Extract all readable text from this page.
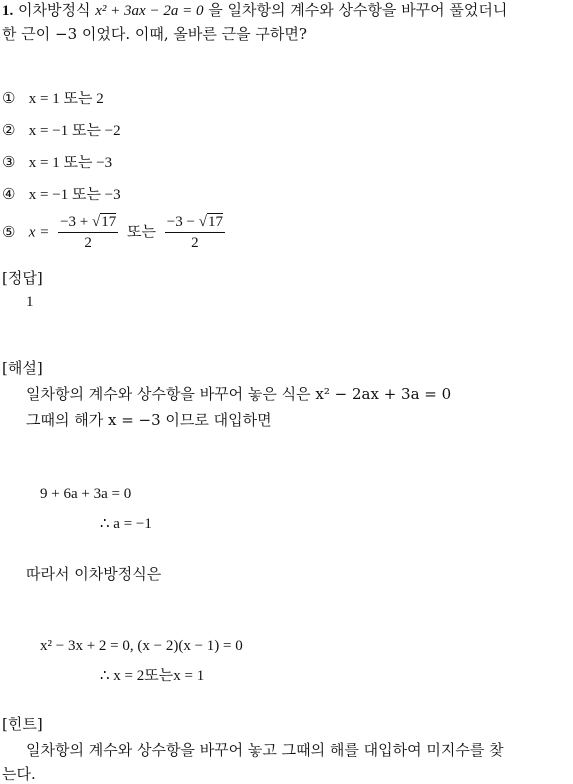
1. 이차방정식 x² + 3ax − 2a = 0 을 일차항의 계수와 상수항을 바꾸어 풀었더니
한 근이 −3 이었다. 이때, 올바른 근을 구하면?
① x = 1 또는 2
② x = −1 또는 −2
③ x = 1 또는 −3
④ x = −1 또는 −3
⑤ $x = \frac{-3 + √17}{2}$ 또는 $\frac{-3 - √17}{2}$
[정답]
1
[해설]
일차항의 계수와 상수항을 바꾸어 놓은 식은 x² − 2ax + 3a = 0
그때의 해가 x = −3 이므로 대입하면
9 + 6a + 3a = 0
∴ a = −1
따라서 이차방정식은
x² − 3x + 2 = 0, (x − 2)(x − 1) = 0
∴ x = 2또는x = 1
[힌트]
일차항의 계수와 상수항을 바꾸어 놓고 그때의 해를 대입하여 미지수를 찾
는다.
